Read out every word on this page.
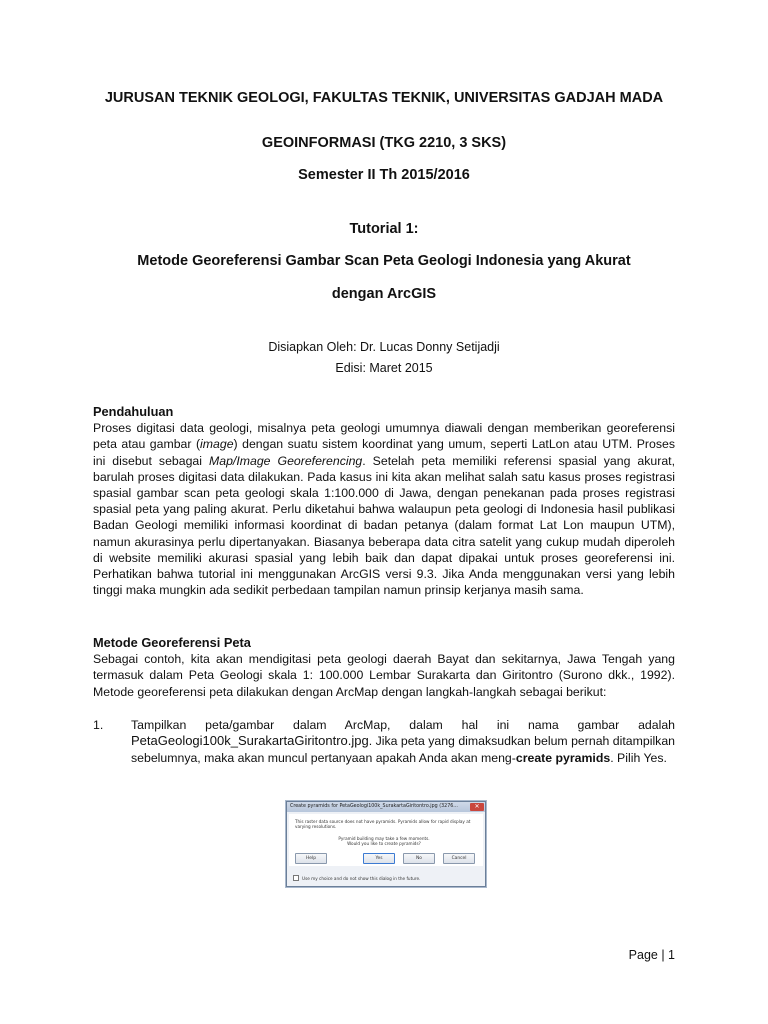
JURUSAN TEKNIK GEOLOGI, FAKULTAS TEKNIK, UNIVERSITAS GADJAH MADA
GEOINFORMASI (TKG 2210, 3 SKS)
Semester II Th 2015/2016
Tutorial 1:
Metode Georeferensi Gambar Scan Peta Geologi Indonesia yang Akurat
dengan ArcGIS
Disiapkan Oleh: Dr. Lucas Donny Setijadji
Edisi: Maret 2015
Pendahuluan

Proses digitasi data geologi, misalnya peta geologi umumnya diawali dengan memberikan georeferensi peta atau gambar (image) dengan suatu sistem koordinat yang umum, seperti LatLon atau UTM. Proses ini disebut sebagai Map/Image Georeferencing. Setelah peta memiliki referensi spasial yang akurat, barulah proses digitasi data dilakukan. Pada kasus ini kita akan melihat salah satu kasus proses registrasi spasial gambar scan peta geologi skala 1:100.000 di Jawa, dengan penekanan pada proses registrasi spasial peta yang paling akurat. Perlu diketahui bahwa walaupun peta geologi di Indonesia hasil publikasi Badan Geologi memiliki informasi koordinat di badan petanya (dalam format Lat Lon maupun UTM), namun akurasinya perlu dipertanyakan. Biasanya beberapa data citra satelit yang cukup mudah diperoleh di website memiliki akurasi spasial yang lebih baik dan dapat dipakai untuk proses georeferensi ini. Perhatikan bahwa tutorial ini menggunakan ArcGIS versi 9.3. Jika Anda menggunakan versi yang lebih tinggi maka mungkin ada sedikit perbedaan tampilan namun prinsip kerjanya masih sama.

Metode Georeferensi Peta

Sebagai contoh, kita akan mendigitasi peta geologi daerah Bayat dan sekitarnya, Jawa Tengah yang termasuk dalam Peta Geologi skala 1: 100.000 Lembar Surakarta dan Giritontro (Surono dkk., 1992). Metode georeferensi peta dilakukan dengan ArcMap dengan langkah-langkah sebagai berikut:

1. Tampilkan peta/gambar dalam ArcMap, dalam hal ini nama gambar adalah PetaGeologi100k_SurakartaGiritontro.jpg. Jika peta yang dimaksudkan belum pernah ditampilkan sebelumnya, maka akan muncul pertanyaan apakah Anda akan meng-create pyramids. Pilih Yes.
Create pyramids for PetaGeologi100k_SurakartaGiritontro.jpg (3276...	✕
This raster data source does not have pyramids. Pyramids allow for rapid display at varying resolutions.
Pyramid building may take a few moments.
Would you like to create pyramids?
Help	Yes	No	Cancel
Use my choice and do not show this dialog in the future.
Page | 1
